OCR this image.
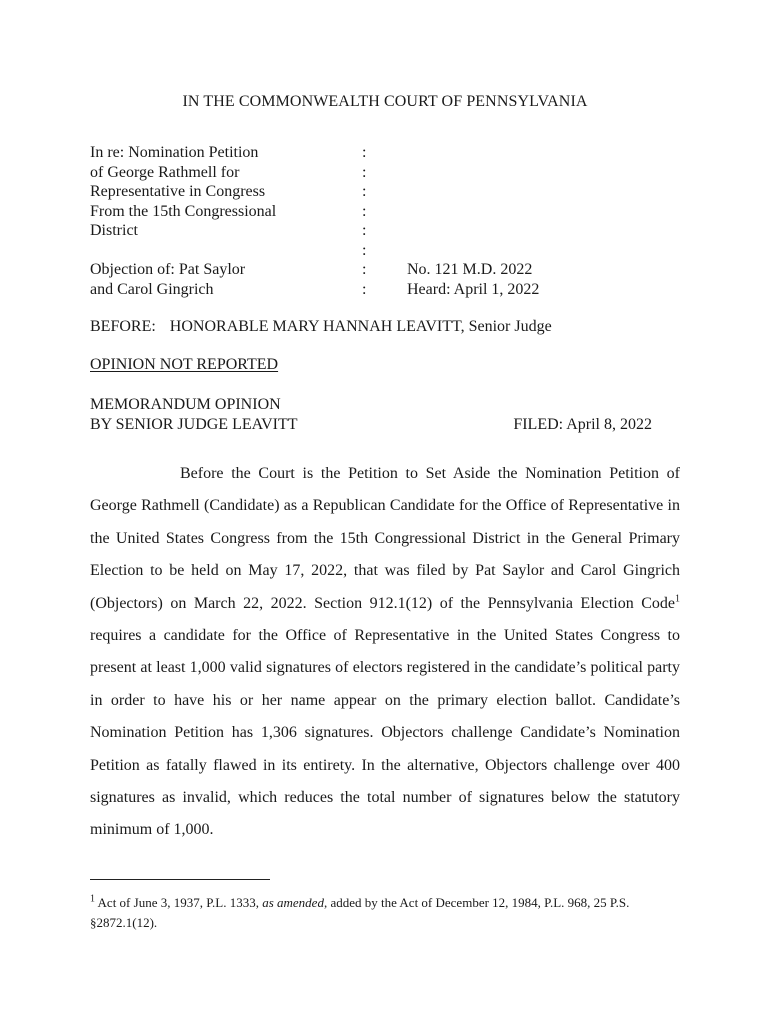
IN THE COMMONWEALTH COURT OF PENNSYLVANIA
In re: Nomination Petition
of George Rathmell for
Representative in Congress
From the 15th Congressional
District
Objection of: Pat Saylor
and Carol Gingrich
:
:
:
:
:
:
:
:
No. 121 M.D. 2022
Heard: April 1, 2022
BEFORE: HONORABLE MARY HANNAH LEAVITT, Senior Judge
OPINION NOT REPORTED
MEMORANDUM OPINION
BY SENIOR JUDGE LEAVITT	FILED: April 8, 2022

Before the Court is the Petition to Set Aside the Nomination Petition of George Rathmell (Candidate) as a Republican Candidate for the Office of Representative in the United States Congress from the 15th Congressional District in the General Primary Election to be held on May 17, 2022, that was filed by Pat Saylor and Carol Gingrich (Objectors) on March 22, 2022. Section 912.1(12) of the Pennsylvania Election Code$^1$ requires a candidate for the Office of Representative in the United States Congress to present at least 1,000 valid signatures of electors registered in the candidate’s political party in order to have his or her name appear on the primary election ballot. Candidate’s Nomination Petition has 1,306 signatures. Objectors challenge Candidate’s Nomination Petition as fatally flawed in its entirety. In the alternative, Objectors challenge over 400 signatures as invalid, which reduces the total number of signatures below the statutory minimum of 1,000.

$^1$ Act of June 3, 1937, P.L. 1333, as amended, added by the Act of December 12, 1984, P.L. 968, 25 P.S. §2872.1(12).
